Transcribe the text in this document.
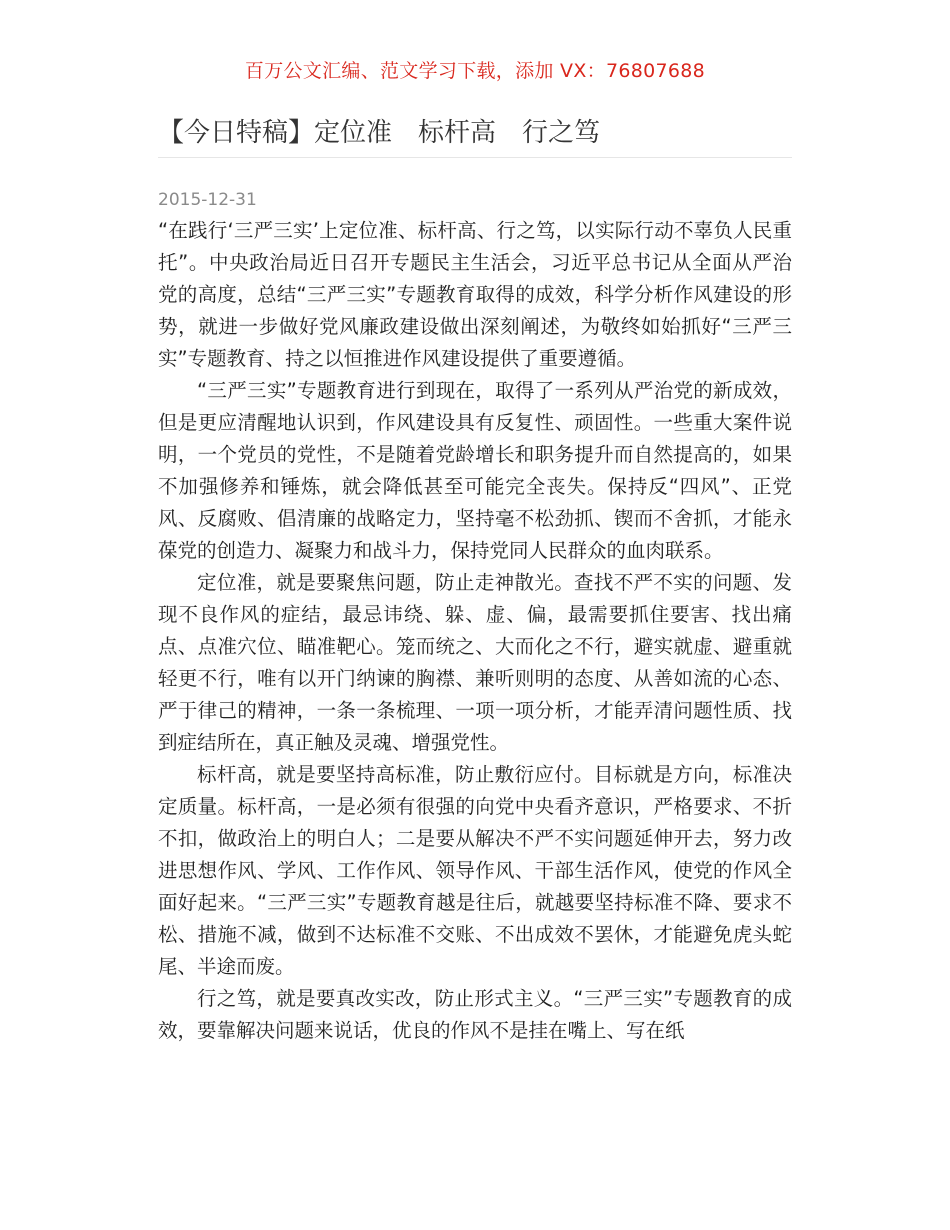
百万公文汇编、范文学习下载，添加 VX：76807688
【今日特稿】定位准　标杆高　行之笃
2015-12-31

“在践行‘三严三实’上定位准、标杆高、行之笃，以实际行动不辜负人民重托”。中央政治局近日召开专题民主生活会，习近平总书记从全面从严治党的高度，总结“三严三实”专题教育取得的成效，科学分析作风建设的形势，就进一步做好党风廉政建设做出深刻阐述，为敬终如始抓好“三严三实”专题教育、持之以恒推进作风建设提供了重要遵循。

“三严三实”专题教育进行到现在，取得了一系列从严治党的新成效，但是更应清醒地认识到，作风建设具有反复性、顽固性。一些重大案件说明，一个党员的党性，不是随着党龄增长和职务提升而自然提高的，如果不加强修养和锤炼，就会降低甚至可能完全丧失。保持反“四风”、正党风、反腐败、倡清廉的战略定力，坚持毫不松劲抓、锲而不舍抓，才能永葆党的创造力、凝聚力和战斗力，保持党同人民群众的血肉联系。

定位准，就是要聚焦问题，防止走神散光。查找不严不实的问题、发现不良作风的症结，最忌讳绕、躲、虚、偏，最需要抓住要害、找出痛点、点准穴位、瞄准靶心。笼而统之、大而化之不行，避实就虚、避重就轻更不行，唯有以开门纳谏的胸襟、兼听则明的态度、从善如流的心态、严于律己的精神，一条一条梳理、一项一项分析，才能弄清问题性质、找到症结所在，真正触及灵魂、增强党性。

标杆高，就是要坚持高标准，防止敷衍应付。目标就是方向，标准决定质量。标杆高，一是必须有很强的向党中央看齐意识，严格要求、不折不扣，做政治上的明白人；二是要从解决不严不实问题延伸开去，努力改进思想作风、学风、工作作风、领导作风、干部生活作风，使党的作风全面好起来。“三严三实”专题教育越是往后，就越要坚持标准不降、要求不松、措施不减，做到不达标准不交账、不出成效不罢休，才能避免虎头蛇尾、半途而废。

行之笃，就是要真改实改，防止形式主义。“三严三实”专题教育的成效，要靠解决问题来说话，优良的作风不是挂在嘴上、写在纸
